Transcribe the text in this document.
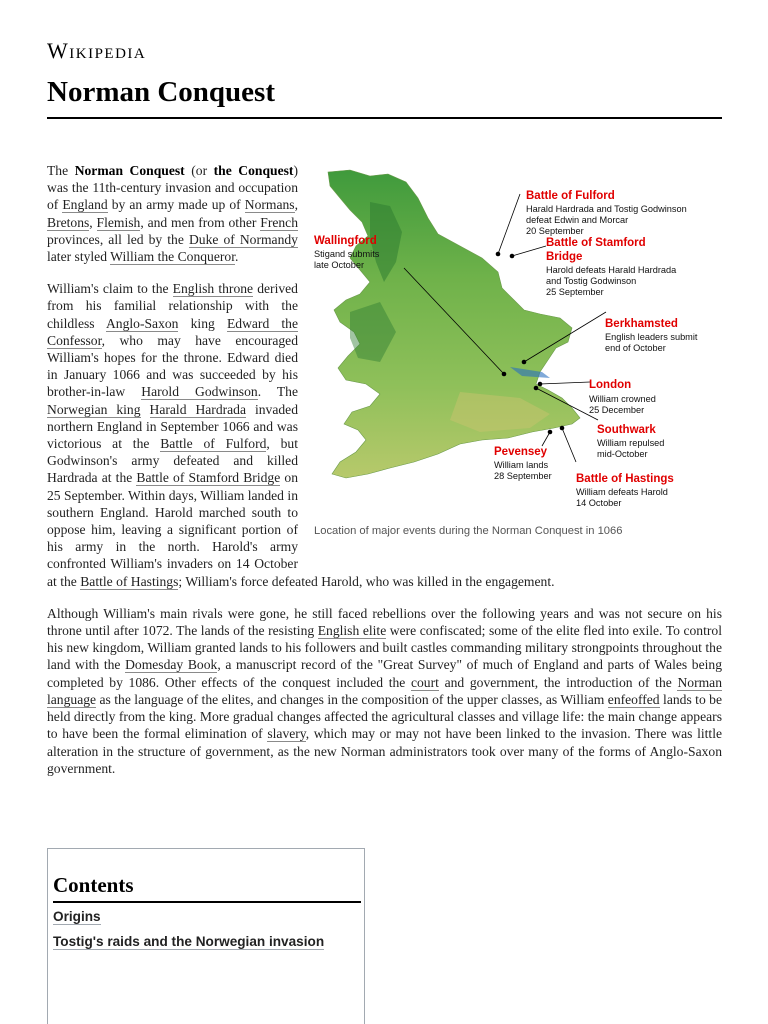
Wikipedia
Norman Conquest
Battle of Fulford
Harald Hardrada and Tostig Godwinson
defeat Edwin and Morcar
20 September
Wallingford
Stigand submits
late October
Battle of Stamford
Bridge
Harold defeats Harald Hardrada
and Tostig Godwinson
25 September
Berkhamsted
English leaders submit
end of October
London
William crowned
25 December
Southwark
William repulsed
mid-October
Pevensey
William lands
28 September Battle of Hastings
William defeats Harold
14 October
Location of major events during the Norman Conquest in 1066

The Norman Conquest (or the Conquest) was the 11th-century invasion and occupation of England by an army made up of Normans, Bretons, Flemish, and men from other French provinces, all led by the Duke of Normandy later styled William the Conqueror.

William's claim to the English throne derived from his familial relationship with the childless Anglo-Saxon king Edward the Confessor, who may have encouraged William's hopes for the throne. Edward died in January 1066 and was succeeded by his brother-in-law Harold Godwinson. The Norwegian king Harald Hardrada invaded northern England in September 1066 and was victorious at the Battle of Fulford, but Godwinson's army defeated and killed Hardrada at the Battle of Stamford Bridge on 25 September. Within days, William landed in southern England. Harold marched south to oppose him, leaving a significant portion of his army in the north. Harold's army confronted William's invaders on 14 October at the Battle of Hastings; William's force defeated Harold, who was killed in the engagement.

Although William's main rivals were gone, he still faced rebellions over the following years and was not secure on his throne until after 1072. The lands of the resisting English elite were confiscated; some of the elite fled into exile. To control his new kingdom, William granted lands to his followers and built castles commanding military strongpoints throughout the land with the Domesday Book, a manuscript record of the "Great Survey" of much of England and parts of Wales being completed by 1086. Other effects of the conquest included the court and government, the introduction of the Norman language as the language of the elites, and changes in the composition of the upper classes, as William enfeoffed lands to be held directly from the king. More gradual changes affected the agricultural classes and village life: the main change appears to have been the formal elimination of slavery, which may or may not have been linked to the invasion. There was little alteration in the structure of government, as the new Norman administrators took over many of the forms of Anglo-Saxon government.

Contents
Origins
Tostig's raids and the Norwegian invasion
